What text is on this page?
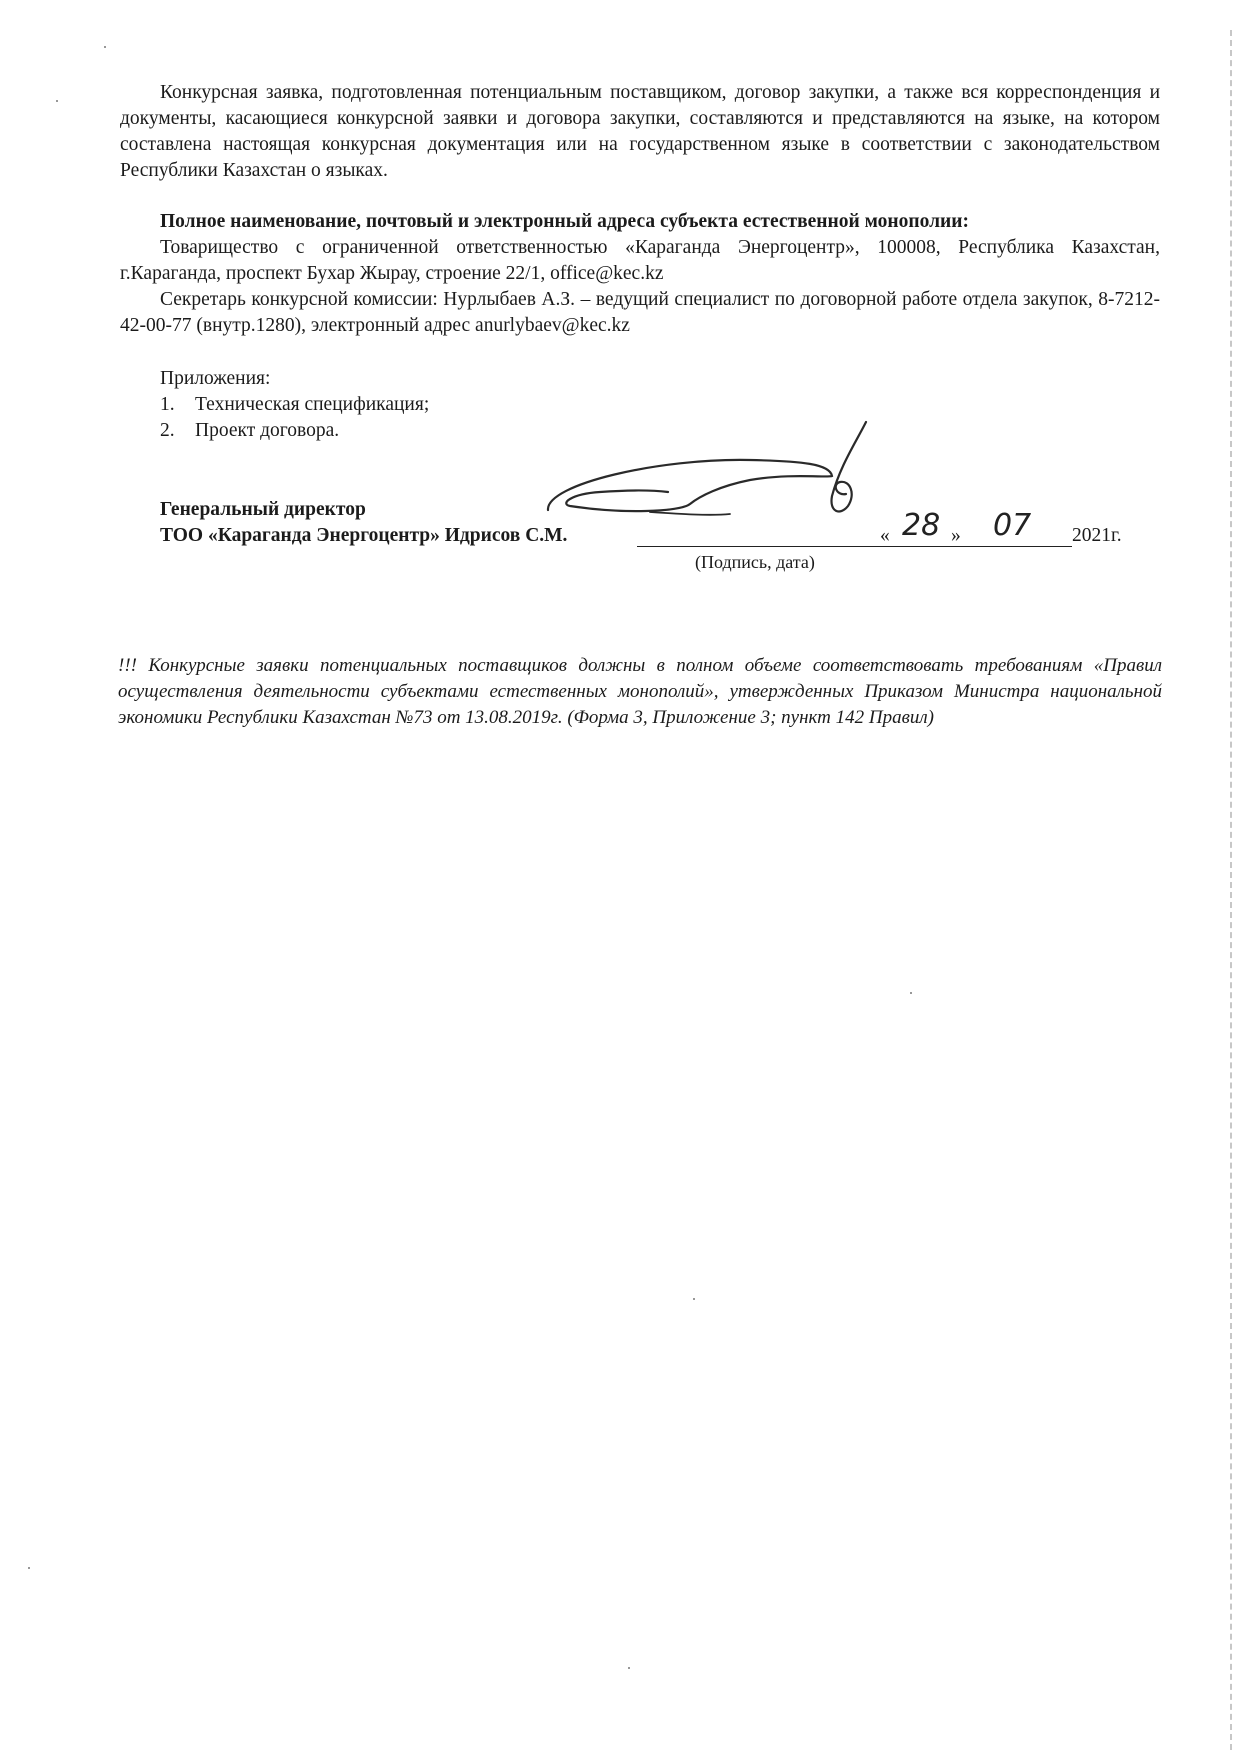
Конкурсная заявка, подготовленная потенциальным поставщиком, договор закупки, а также вся корреспонденция и документы, касающиеся конкурсной заявки и договора закупки, составляются и представляются на языке, на котором составлена настоящая конкурсная документация или на государственном языке в соответствии с законодательством Республики Казахстан о языках.

Полное наименование, почтовый и электронный адреса субъекта естественной монополии:

Товарищество с ограниченной ответственностью «Караганда Энергоцентр», 100008, Республика Казахстан, г.Караганда, проспект Бухар Жырау, строение 22/1, office@kec.kz

Секретарь конкурсной комиссии: Нурлыбаев А.З. – ведущий специалист по договорной работе отдела закупок, 8-7212-42-00-77 (внутр.1280), электронный адрес anurlybaev@kec.kz

Приложения:
1. Техническая спецификация;
2. Проект договора.
Генеральный директор
ТОО «Караганда Энергоцентр» Идрисов С.М.	« 28 » 07 2021г.
(Подпись, дата)

!!! Конкурсные заявки потенциальных поставщиков должны в полном объеме соответствовать требованиям «Правил осуществления деятельности субъектами естественных монополий», утвержденных Приказом Министра национальной экономики Республики Казахстан №73 от 13.08.2019г. (Форма 3, Приложение 3; пункт 142 Правил)
